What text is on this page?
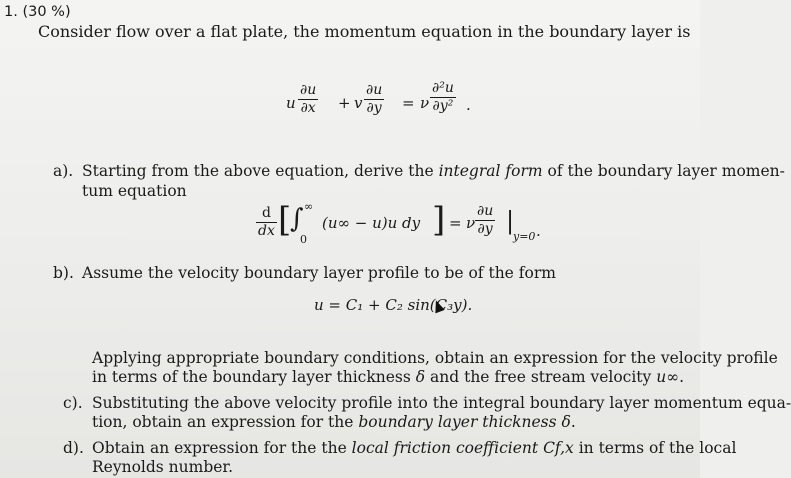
1. (30 %)
Consider flow over a flat plate, the momentum equation in the boundary layer is
u $\frac{\partial u}{\partial x} + v \frac{\partial u}{\partial y} = \nu \frac{\text{∂²u}}{\text{∂y²}}$ .
a). Starting from the above equation, derive the integral form of the boundary layer momen-
tum equation
$\frac{d}{dx}$ [
∫ ∞
0
(u∞ − u)u dy ] = ν $\frac{\partial u}{\partial y}$ |
y=0 .
b). Assume the velocity boundary layer profile to be of the form
u = C₁ + C₂ sin(C₃y).
Applying appropriate boundary conditions, obtain an expression for the velocity profile
in terms of the boundary layer thickness δ and the free stream velocity u∞.
c). Substituting the above velocity profile into the integral boundary layer momentum equa-
tion, obtain an expression for the boundary layer thickness δ.
d). Obtain an expression for the the local friction coefficient Cf,x in terms of the local
Reynolds number.
